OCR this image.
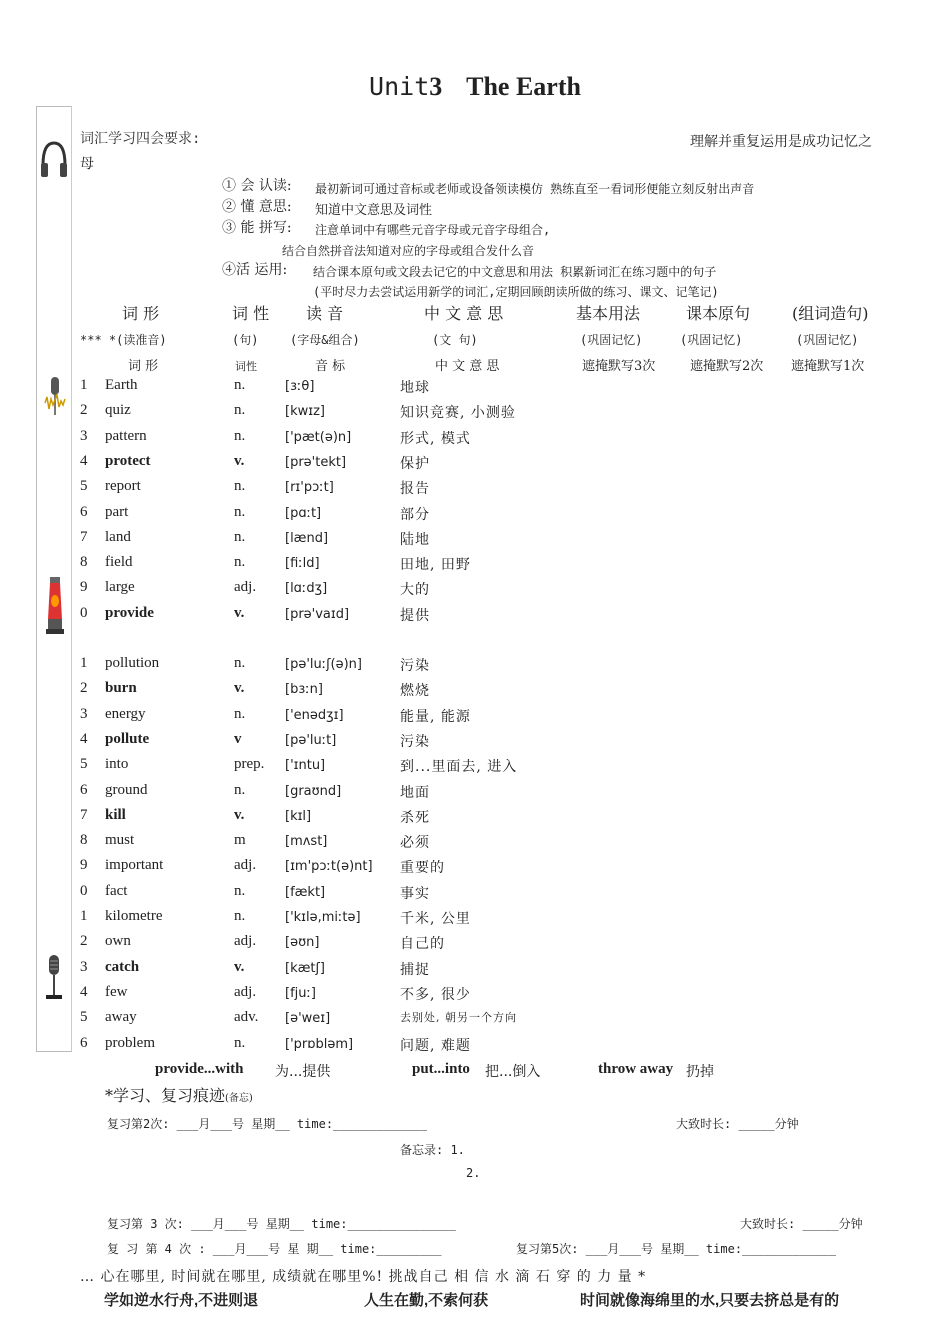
Unit3 The Earth
词汇学习四会要求:	理解并重复运用是成功记忆之
母
① 会 认读: 最初新词可通过音标或老师或设备领读模仿 熟练直至一看词形便能立刻反射出声音
② 懂 意思: 知道中文意思及词性
③ 能 拼写: 注意单词中有哪些元音字母或元音字母组合,
结合自然拼音法知道对应的字母或组合发什么音
④活 运用: 结合课本原句或文段去记它的中文意思和用法 积累新词汇在练习题中的句子
(平时尽力去尝试运用新学的词汇,定期回顾朗读所做的练习、课文、记笔记)
词 形	词 性 读 音	中 文 意 思	基本用法	课本原句	(组词造句)
*** *(读准音)	(句)	(字母&组合)	(文 句)	(巩固记忆)	(巩固记忆)	(巩固记忆)
词 形	词性	音 标	中 文 意 思	遮掩默写3次	遮掩默写2次 遮掩默写1次
1 Earth	n.	[ɜːθ]	地球
2 quiz	n.	[kwɪz]	知识竞赛, 小测验
3 pattern	n.	['pæt(ə)n]	形式, 模式
4 protect	v.	[prə'tekt]	保护
5 report	n.	[rɪ'pɔːt]	报告
6 part	n.	[pɑːt]	部分
7 land	n.	[lænd]	陆地
8 field	n.	[fiːld]	田地, 田野
9 large	adj. [lɑːdʒ]	大的
0 provide	v.	[prə'vaɪd]	提供
1 pollution	n.	[pə'luːʃ(ə)n]	污染
2 burn	v.	[bɜːn]	燃烧
3 energy	n.	['enədʒɪ]	能量, 能源
4 pollute	v	[pə'luːt]	污染
5 into	prep. ['ɪntu]	到...里面去, 进入
6 ground	n.	[graʊnd]	地面
7 kill	v.	[kɪl]	杀死
8 must	m	[mʌst]	必须
9 important	adj. [ɪm'pɔːt(ə)nt] 重要的
0 fact	n.	[fækt]	事实
1 kilometre	n.	['kɪlə,miːtə]	千米, 公里
2 own	adj. [əʊn]	自己的
3 catch	v.	[kætʃ]	捕捉
4 few	adj. [fjuː]	不多, 很少
5 away	adv. [ə'weɪ]	去别处, 朝另一个方向
6 problem	n.	['prɒbləm]	问题, 难题
provide...with 为...提供	put...into 把...倒入	throw away 扔掉
*学习、复习痕迹(备忘)
复习第2次: ___月___号 星期__ time:_____________	大致时长: _____分钟
备忘录: 1.
2.
复习第 3 次: ___月___号 星期__ time:_______________	大致时长: _____分钟
复 习 第 4 次 : ___月___号 星 期__ time:_________	复习第5次: ___月___号 星期__ time:_____________
… 心在哪里, 时间就在哪里, 成绩就在哪里%! 挑战自己 相 信 水 滴 石 穿 的 力 量 *
学如逆水行舟,不进则退	人生在勤,不索何获	时间就像海绵里的水,只要去挤总是有的
